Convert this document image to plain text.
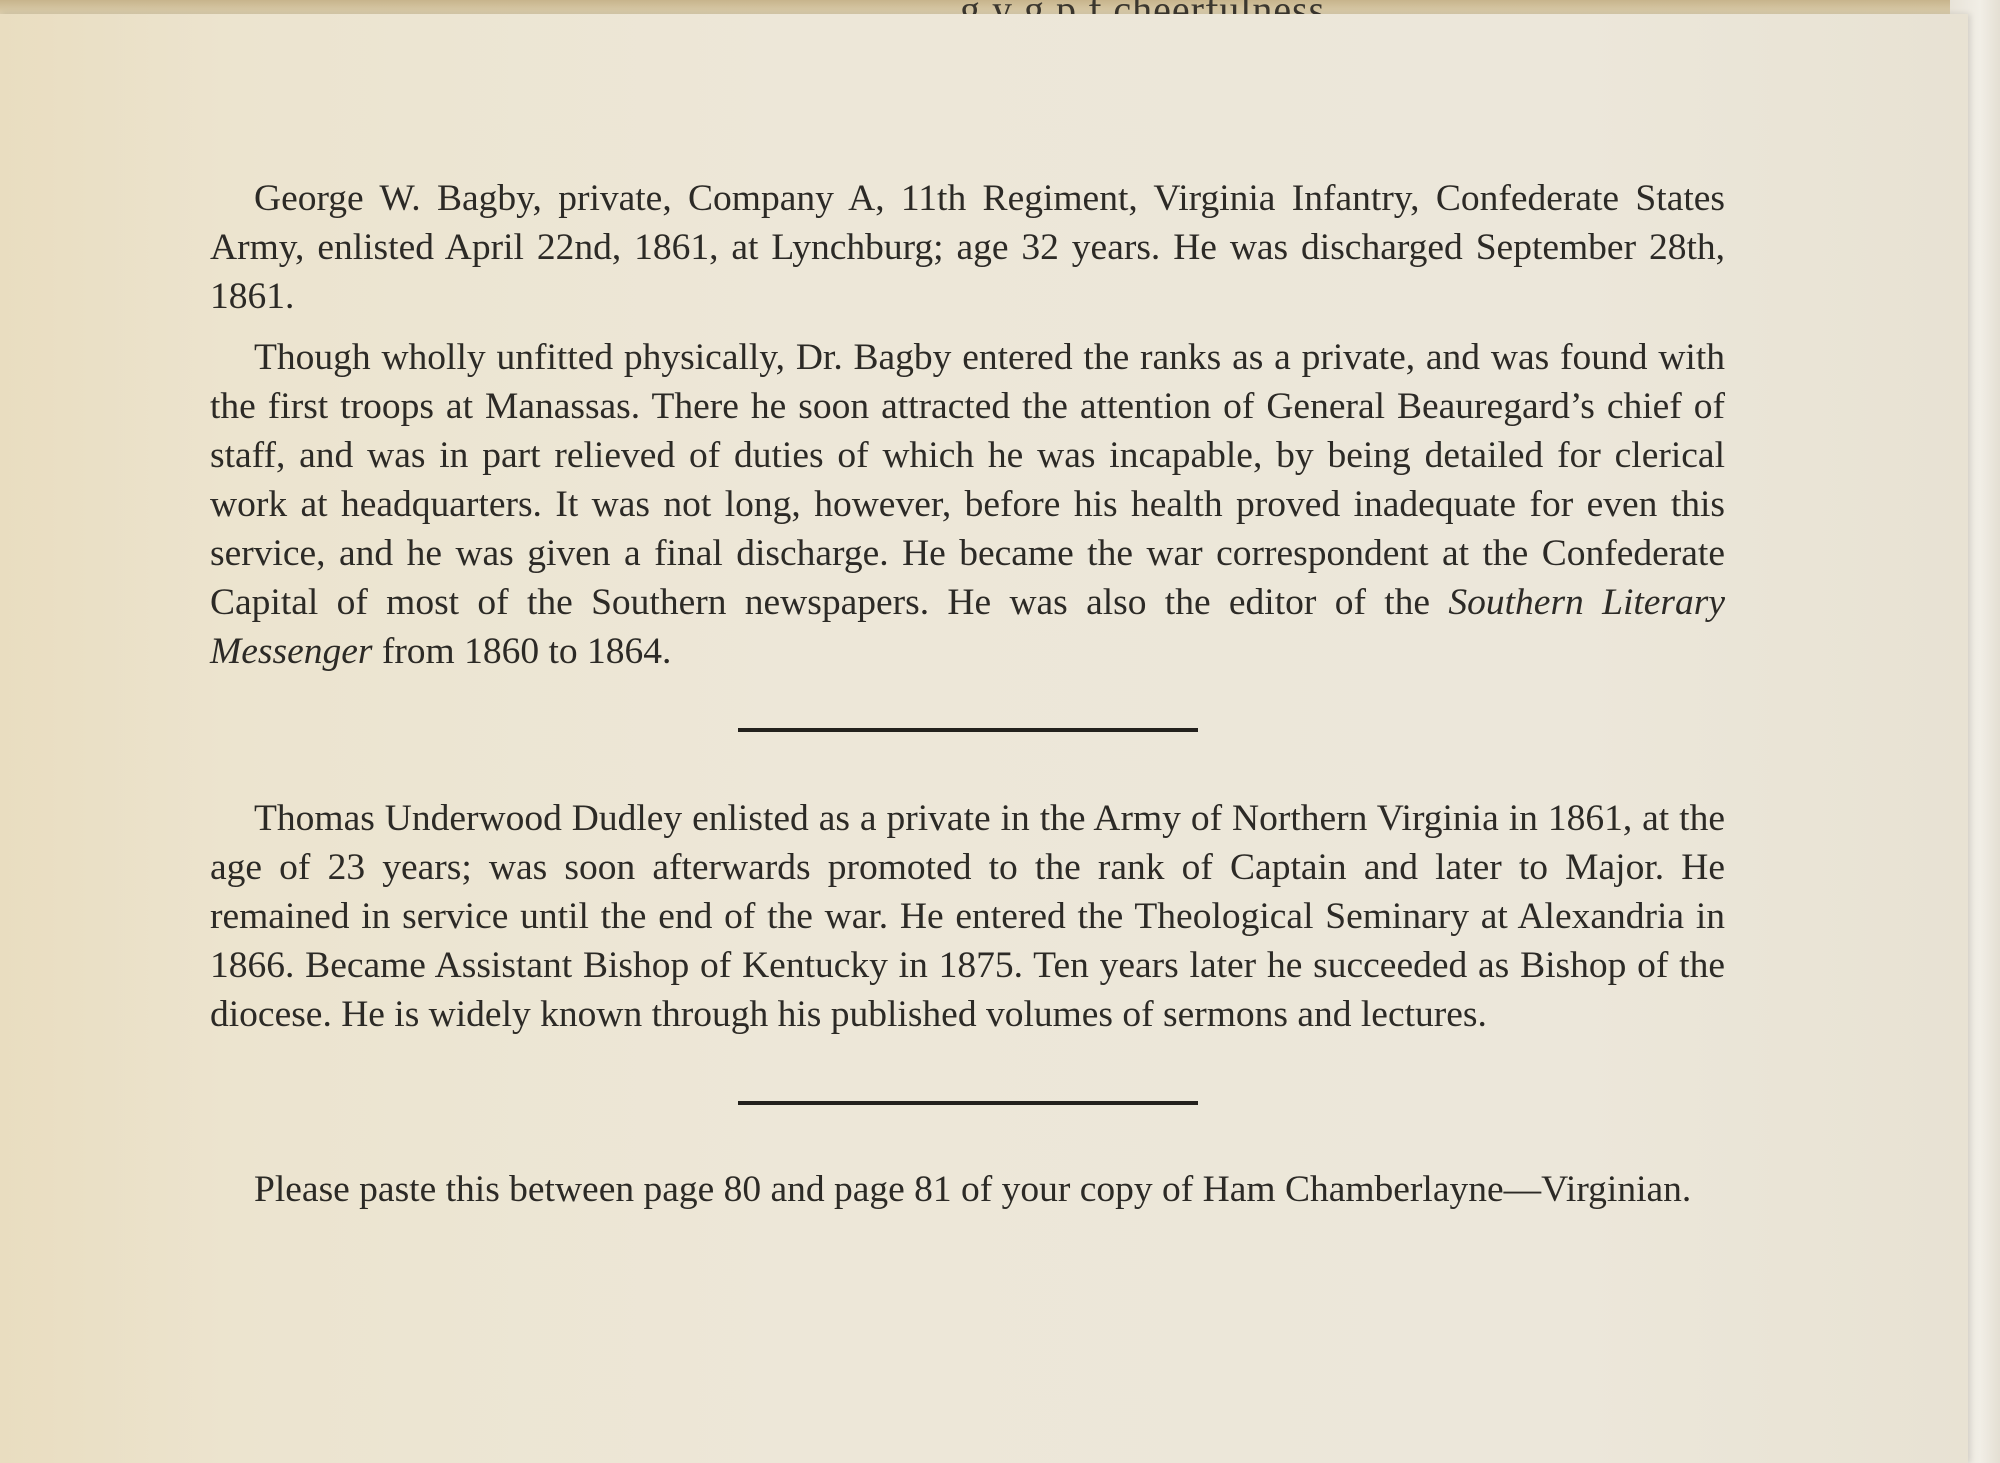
George W. Bagby, private, Company A, 11th Regiment, Virginia Infantry, Confederate States Army, enlisted April 22nd, 1861, at Lynchburg; age 32 years. He was discharged September 28th, 1861.

Though wholly unfitted physically, Dr. Bagby entered the ranks as a private, and was found with the first troops at Manassas. There he soon attracted the attention of General Beauregard’s chief of staff, and was in part relieved of duties of which he was incapable, by being detailed for clerical work at headquarters. It was not long, however, before his health proved inadequate for even this service, and he was given a final discharge. He became the war correspondent at the Confederate Capital of most of the Southern newspapers. He was also the editor of the Southern Literary Messenger from 1860 to 1864.

Thomas Underwood Dudley enlisted as a private in the Army of Northern Virginia in 1861, at the age of 23 years; was soon afterwards promoted to the rank of Captain and later to Major. He remained in service until the end of the war. He entered the Theological Seminary at Alexandria in 1866. Became Assistant Bishop of Kentucky in 1875. Ten years later he succeeded as Bishop of the diocese. He is widely known through his published volumes of sermons and lectures.

Please paste this between page 80 and page 81 of your copy of Ham Chamberlayne—Virginian.
